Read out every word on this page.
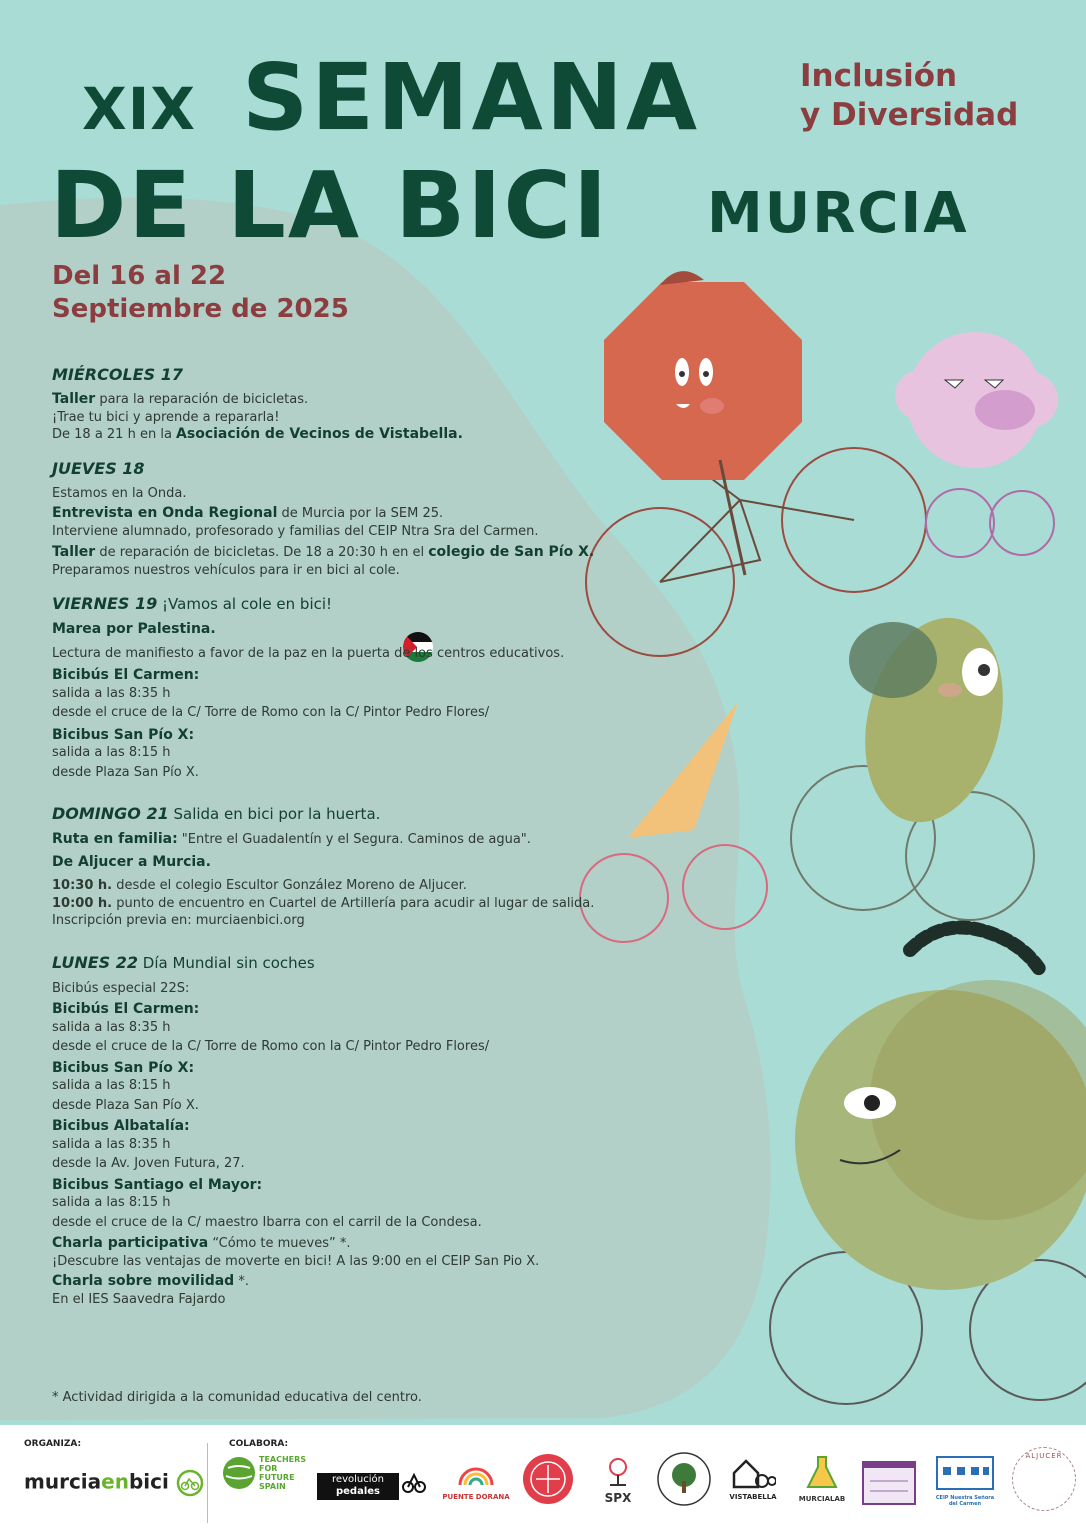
XIX SEMANA	Inclusión
y Diversidad
DE LA BICI MURCIA
Del 16 al 22
Septiembre de 2025
MIÉRCOLES 17

Taller para la reparación de bicicletas.

¡Trae tu bici y aprende a repararla!

De 18 a 21 h en la Asociación de Vecinos de Vistabella.

JUEVES 18

Estamos en la Onda.

Entrevista en Onda Regional de Murcia por la SEM 25.

Interviene alumnado, profesorado y familias del CEIP Ntra Sra del Carmen.

Taller de reparación de bicicletas. De 18 a 20:30 h en el colegio de San Pío X.

Preparamos nuestros vehículos para ir en bici al cole.

VIERNES 19 ¡Vamos al cole en bici!

Marea por Palestina.

Lectura de manifiesto a favor de la paz en la puerta de los centros educativos.

Bicibús El Carmen:

salida a las 8:35 h

desde el cruce de la C/ Torre de Romo con la C/ Pintor Pedro Flores/

Bicibus San Pío X:

salida a las 8:15 h

desde Plaza San Pío X.

DOMINGO 21 Salida en bici por la huerta.

Ruta en familia: "Entre el Guadalentín y el Segura. Caminos de agua".

De Aljucer a Murcia.

10:30 h. desde el colegio Escultor González Moreno de Aljucer.

10:00 h. punto de encuentro en Cuartel de Artillería para acudir al lugar de salida.

Inscripción previa en: murciaenbici.org

LUNES 22 Día Mundial sin coches

Bicibús especial 22S:

Bicibús El Carmen:

salida a las 8:35 h

desde el cruce de la C/ Torre de Romo con la C/ Pintor Pedro Flores/

Bicibus San Pío X:

salida a las 8:15 h

desde Plaza San Pío X.

Bicibus Albatalía:

salida a las 8:35 h

desde la Av. Joven Futura, 27.

Bicibus Santiago el Mayor:

salida a las 8:15 h

desde el cruce de la C/ maestro Ibarra con el carril de la Condesa.

Charla participativa “Cómo te mueves” *.

¡Descubre las ventajas de moverte en bici! A las 9:00 en el CEIP San Pio X.

Charla sobre movilidad *.

En el IES Saavedra Fajardo

* Actividad dirigida a la comunidad educativa del centro.
ORGANIZA:	COLABORA:
murciaenbici
TEACHERS FOR FUTURE SPAIN
revolución
pedales	PUENTE DORANA	SPX	VISTABELLA	MURCIALAB	CEIP Nuestra Señora del Carmen
ALJUCER
